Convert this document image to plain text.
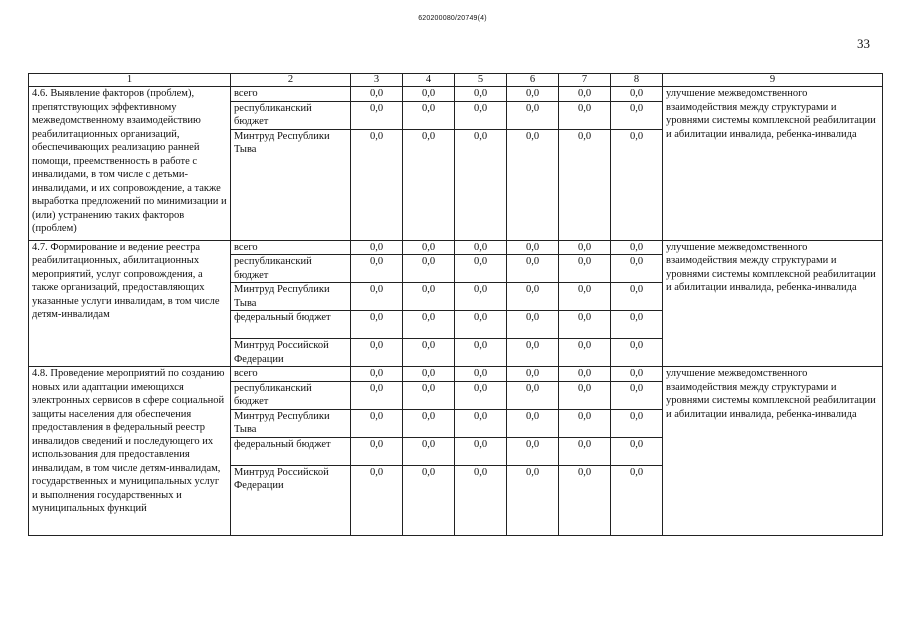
620200080/20749(4)
33
1	2	3	4	5	6	7	8	9
4.6. Выявление факторов (проблем), препятствующих эффективному межведомственному взаимодействию реабилитационных организаций, обеспечивающих реализацию ранней помощи, преемственность в работе с инвалидами, в том числе с детьми-инвалидами, и их сопровождение, а также выработка предложений по минимизации и (или) устранению таких факторов (проблем)	всего	0,0	0,0	0,0	0,0	0,0	0,0	улучшение межведомственного взаимодействия между структурами и уровнями системы комплексной реабилитации и абилитации инвалида, ребенка-инвалида
	республиканский бюджет	0,0	0,0	0,0	0,0	0,0	0,0	
	Минтруд Республики Тыва	0,0	0,0	0,0	0,0	0,0	0,0	
4.7. Формирование и ведение реестра реабилитационных, абилитационных мероприятий, услуг сопровождения, а также организаций, предоставляющих указанные услуги инвалидам, в том числе детям-инвалидам	всего	0,0	0,0	0,0	0,0	0,0	0,0	улучшение межведомственного взаимодействия между структурами и уровнями системы комплексной реабилитации и абилитации инвалида, ребенка-инвалида
	республиканский бюджет	0,0	0,0	0,0	0,0	0,0	0,0	
	Минтруд Республики Тыва	0,0	0,0	0,0	0,0	0,0	0,0	
	федеральный бюджет	0,0	0,0	0,0	0,0	0,0	0,0	
	Минтруд Российской Федерации	0,0	0,0	0,0	0,0	0,0	0,0	
4.8. Проведение мероприятий по созданию новых или адаптации имеющихся электронных сервисов в сфере социальной защиты населения для обеспечения предоставления в федеральный реестр инвалидов сведений и последующего их использования для предоставления инвалидам, в том числе детям-инвалидам, государственных и муниципальных услуг и выполнения государственных и муниципальных функций	всего	0,0	0,0	0,0	0,0	0,0	0,0	улучшение межведомственного взаимодействия между структурами и уровнями системы комплексной реабилитации и абилитации инвалида, ребенка-инвалида
	республиканский бюджет	0,0	0,0	0,0	0,0	0,0	0,0	
	Минтруд Республики Тыва	0,0	0,0	0,0	0,0	0,0	0,0	
	федеральный бюджет	0,0	0,0	0,0	0,0	0,0	0,0	
	Минтруд Российской Федерации	0,0	0,0	0,0	0,0	0,0	0,0	
